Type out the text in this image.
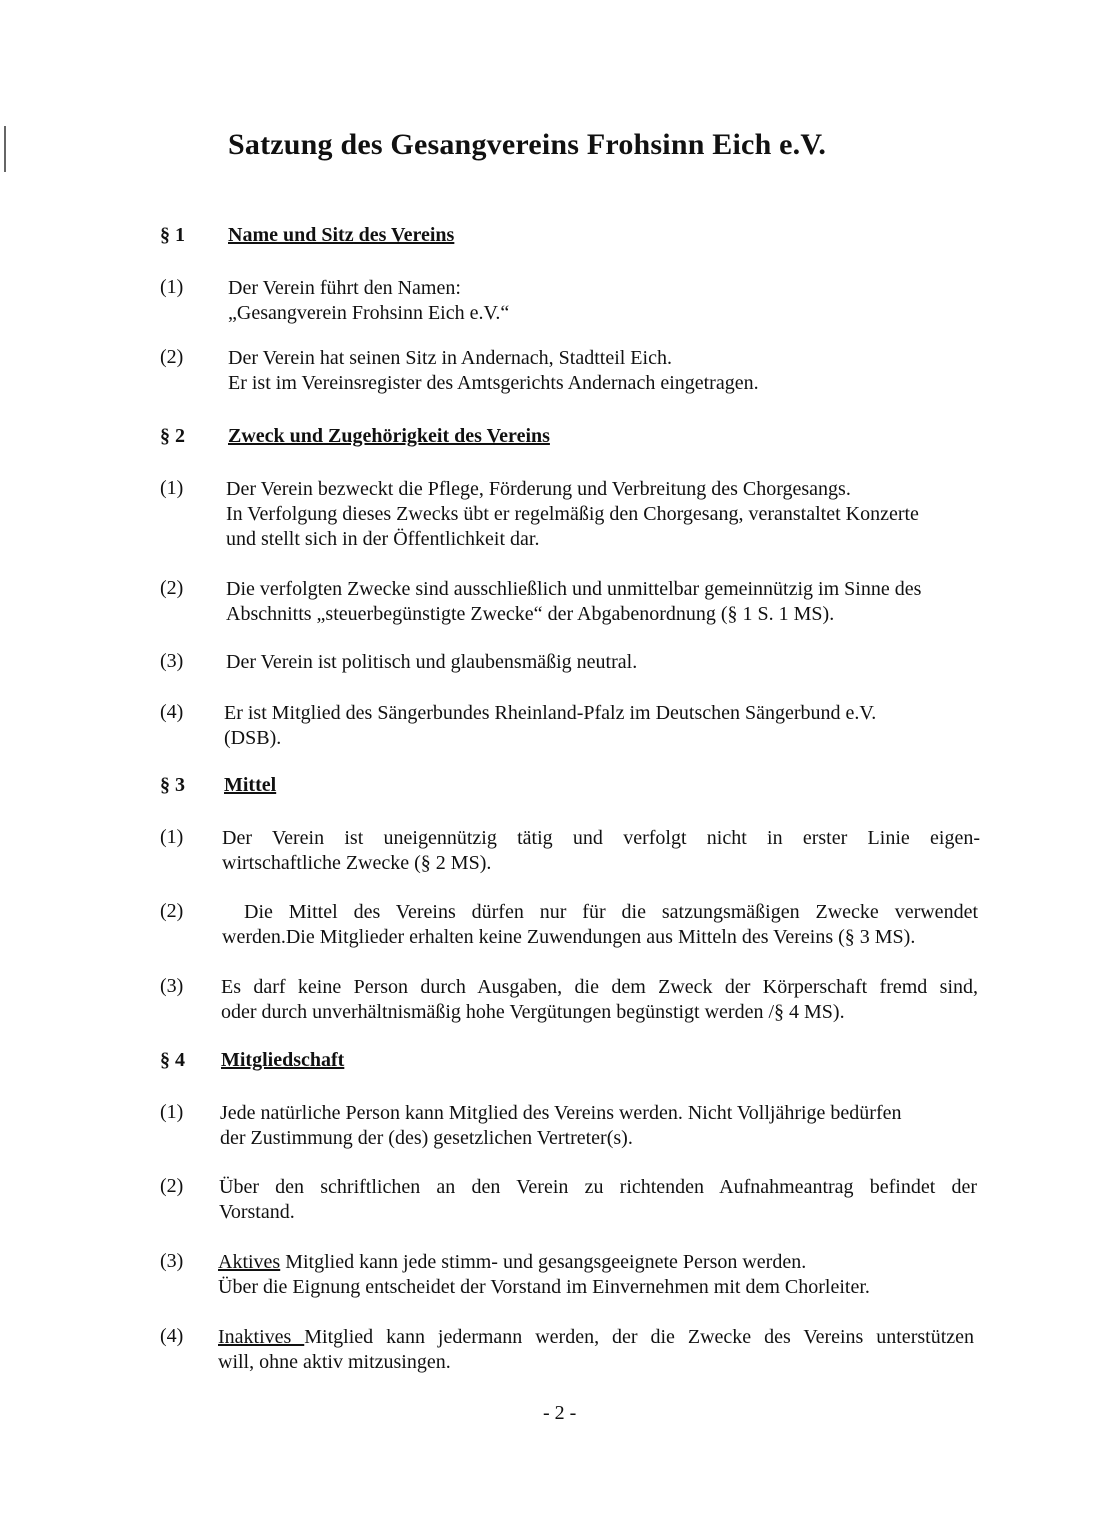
Satzung des Gesangvereins Frohsinn Eich e.V.
§ 1 Name und Sitz des Vereins
(1) Der Verein führt den Namen:
„Gesangverein Frohsinn Eich e.V.“
(2) Der Verein hat seinen Sitz in Andernach, Stadtteil Eich.
Er ist im Vereinsregister des Amtsgerichts Andernach eingetragen.
§ 2 Zweck und Zugehörigkeit des Vereins
(1) Der Verein bezweckt die Pflege, Förderung und Verbreitung des Chorgesangs.
In Verfolgung dieses Zwecks übt er regelmäßig den Chorgesang, veranstaltet Konzerte
und stellt sich in der Öffentlichkeit dar.
(2) Die verfolgten Zwecke sind ausschließlich und unmittelbar gemeinnützig im Sinne des
Abschnitts „steuerbegünstigte Zwecke“ der Abgabenordnung (§ 1 S. 1 MS).
(3) Der Verein ist politisch und glaubensmäßig neutral.
(4) Er ist Mitglied des Sängerbundes Rheinland-Pfalz im Deutschen Sängerbund e.V.
(DSB).
§ 3 Mittel
(1) Der Verein ist uneigennützig tätig und verfolgt nicht in erster Linie eigen-
wirtschaftliche Zwecke (§ 2 MS).
(2)	Die Mittel des Vereins dürfen nur für die satzungsmäßigen Zwecke verwendet
werden.Die Mitglieder erhalten keine Zuwendungen aus Mitteln des Vereins (§ 3 MS).
(3) Es darf keine Person durch Ausgaben, die dem Zweck der Körperschaft fremd sind,
oder durch unverhältnismäßig hohe Vergütungen begünstigt werden /§ 4 MS).
§ 4 Mitgliedschaft
(1) Jede natürliche Person kann Mitglied des Vereins werden. Nicht Volljährige bedürfen
der Zustimmung der (des) gesetzlichen Vertreter(s).
(2) Über den schriftlichen an den Verein zu richtenden Aufnahmeantrag befindet der
Vorstand.
(3) Aktives Mitglied kann jede stimm- und gesangsgeeignete Person werden.
Über die Eignung entscheidet der Vorstand im Einvernehmen mit dem Chorleiter.
(4) Inaktives Mitglied kann jedermann werden, der die Zwecke des Vereins unterstützen
will, ohne aktiv mitzusingen.
- 2 -
